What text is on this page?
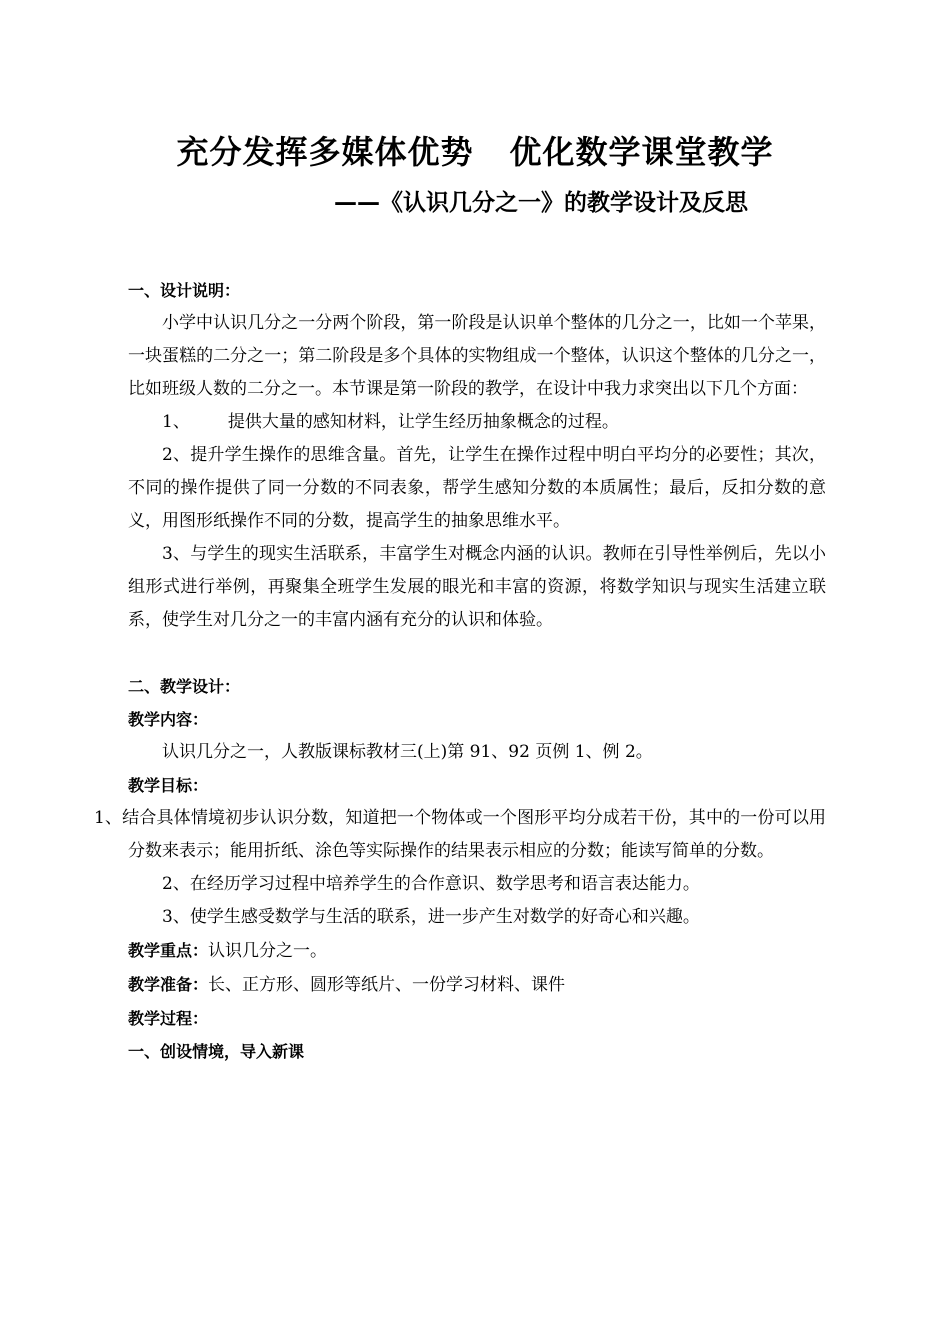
充分发挥多媒体优势 优化数学课堂教学
——《认识几分之一》的教学设计及反思

一、设计说明：

小学中认识几分之一分两个阶段，第一阶段是认识单个整体的几分之一，比如一个苹果，一块蛋糕的二分之一；第二阶段是多个具体的实物组成一个整体，认识这个整体的几分之一，比如班级人数的二分之一。本节课是第一阶段的教学，在设计中我力求突出以下几个方面：

1、 提供大量的感知材料，让学生经历抽象概念的过程。

2、提升学生操作的思维含量。首先，让学生在操作过程中明白平均分的必要性；其次，不同的操作提供了同一分数的不同表象，帮学生感知分数的本质属性；最后，反扣分数的意义，用图形纸操作不同的分数，提高学生的抽象思维水平。

3、与学生的现实生活联系，丰富学生对概念内涵的认识。教师在引导性举例后，先以小组形式进行举例，再聚集全班学生发展的眼光和丰富的资源，将数学知识与现实生活建立联系，使学生对几分之一的丰富内涵有充分的认识和体验。

二、教学设计：

教学内容：

认识几分之一，人教版课标教材三(上)第 91、92 页例 1、例 2。

教学目标：

1、结合具体情境初步认识分数，知道把一个物体或一个图形平均分成若干份，其中的一份可以用分数来表示；能用折纸、涂色等实际操作的结果表示相应的分数；能读写简单的分数。

2、在经历学习过程中培养学生的合作意识、数学思考和语言表达能力。

3、使学生感受数学与生活的联系，进一步产生对数学的好奇心和兴趣。

教学重点：认识几分之一。

教学准备：长、正方形、圆形等纸片、一份学习材料、课件

教学过程：

一、创设情境，导入新课
